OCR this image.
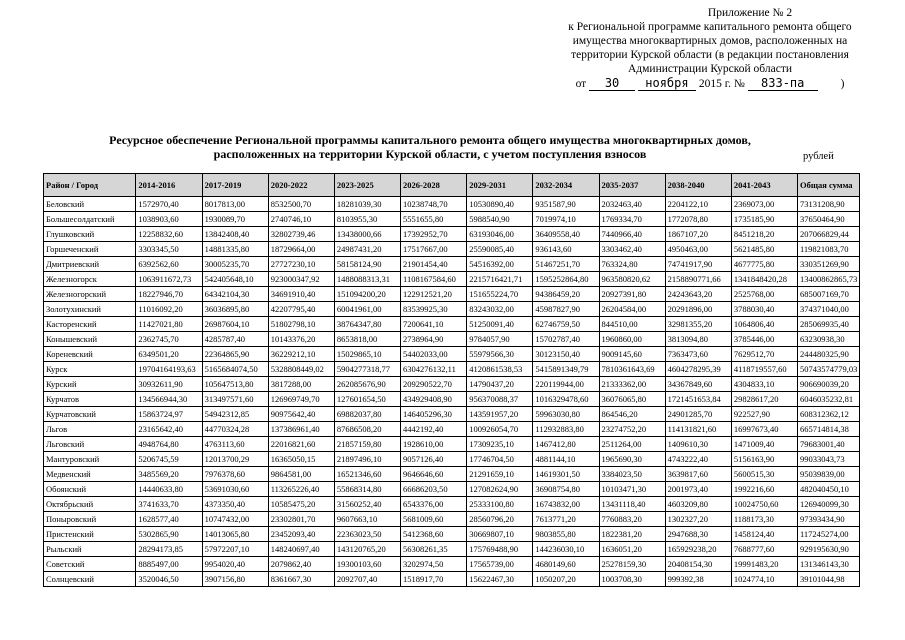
Приложение № 2
к Региональной программе капитального ремонта общего
имущества многоквартирных домов, расположенных на
территории Курской области (в редакции постановления
Администрации Курской области
от 30 ноября 2015 г. № 833-па	)
Ресурсное обеспечение Региональной программы капитального ремонта общего имущества многоквартирных домов,
расположенных на территории Курской области, с учетом поступления взносов	рублей
Район / Город	2014-2016	2017-2019	2020-2022	2023-2025	2026-2028	2029-2031	2032-2034	2035-2037	2038-2040	2041-2043	Общая сумма
Беловский	1572970,40	8017813,00	8532500,70	18281039,30	10238748,70	10530890,40	9351587,90	2032463,40	2204122,10	2369073,00	73131208,90
Большесолдатский	1038903,60	1930089,70	2740746,10	8103955,30	5551655,80	5988540,90	7019974,10	1769334,70	1772078,80	1735185,90	37650464,90
Глушковский	12258832,60	13842408,40	32802739,46	13438000,66	17392952,70	63193046,00	36409558,40	7440966,40	1867107,20	8451218,20	207066829,44
Горшеченский	3303345,50	14881335,80	18729664,00	24987431,20	17517667,00	25590085,40	936143,60	3303462,40	4950463,00	5621485,80	119821083,70
Дмитриевский	6392562,60	30005235,70	27727230,10	58158124,90	21901454,40	54516392,00	51467251,70	763324,80	74741917,90	4677775,80	330351269,90
Железногорск	1063911672,73	542405648,10	923000347,92	1488088313,31	1108167584,60	2215716421,71	1595252864,80	963580820,62	2158890771,66	1341848420,28	13400862865,73
Железногорский	18227946,70	64342104,30	34691910,40	151094200,20	122912521,20	151655224,70	94386459,20	20927391,80	24243643,20	2525768,00	685007169,70
Золотухинский	11016092,20	36036895,80	42207795,40	60041961,00	83539925,30	83243032,00	45987827,90	26204584,00	20291896,00	3788030,40	374371040,00
Касторенский	11427021,80	26987604,10	51802798,10	38764347,80	7200641,10	51250091,40	62746759,50	844510,00	32981355,20	1064806,40	285069935,40
Конышевский	2362745,70	4285787,40	10143376,20	8653818,00	2738964,90	9784057,90	15702787,40	1960860,00	3813094,80	3785446,00	63230938,30
Кореневский	6349501,20	22364865,90	36229212,10	15029865,10	54402033,00	55979566,30	30123150,40	9009145,60	7363473,60	7629512,70	244480325,90
Курск	19704164193,63	5165684074,50	5328808449,02	5904277318,77	6304276132,11	4120861538,53	5415891349,79	7810361643,69	4604278295,39	4118719557,60	50743574779,03
Курский	30932611,90	105647513,80	3817288,00	262085676,90	209290522,70	14790437,20	220119944,00	21333362,00	34367849,60	4304833,10	906690039,20
Курчатов	134566944,30	313497571,60	126969749,70	127601654,50	434929408,90	956370088,37	1016329478,60	36076065,80	1721451653,84	29828617,20	6046035232,81
Курчатовский	15863724,97	54942312,85	90975642,40	69882037,80	146405296,30	143591957,20	59963030,80	864546,20	24901285,70	922527,90	608312362,12
Льгов	23165642,40	44770324,28	137386961,40	87686508,20	4442192,40	100926054,70	112932883,80	23274752,20	114131821,60	16997673,40	665714814,38
Льговский	4948764,80	4763113,60	22016821,60	21857159,80	1928610,00	17309235,10	1467412,80	2511264,00	1409610,30	1471009,40	79683001,40
Мантуровский	5206745,59	12013700,29	16365050,15	21897496,10	9057126,40	17746704,50	4881144,10	1965690,30	4743222,40	5156163,90	99033043,73
Медвенский	3485569,20	7976378,60	9864581,00	16521346,60	9646646,60	21291659,10	14619301,50	3384023,50	3639817,60	5600515,30	95039839,00
Обоянский	14440633,80	53691030,60	113265226,40	55868314,80	66686203,50	127082624,90	36908754,80	10103471,30	2001973,40	1992216,60	482040450,10
Октябрьский	3741633,70	4373350,40	10585475,20	31560252,40	6543376,00	25333100,80	16743832,00	13431118,40	4603209,80	10024750,60	126940099,30
Поныровский	1628577,40	10747432,00	23302801,70	9607663,10	5681009,60	28560796,20	7613771,20	7760883,20	1302327,20	1188173,30	97393434,90
Пристенский	5302865,90	14013065,80	23452093,40	22363023,50	5412368,60	30669807,10	9803855,80	1822381,20	2947688,30	1458124,40	117245274,00
Рыльский	28294173,85	57972207,10	148240697,40	143120765,20	56308261,35	175769488,90	144236030,10	1636051,20	165929238,20	7688777,60	929195630,90
Советский	8885497,00	9954020,40	2079862,40	19300103,60	3202974,50	17565739,00	4680149,60	25278159,30	20408154,30	19991483,20	131346143,30
Солнцевский	3520046,50	3907156,80	8361667,30	2092707,40	1518917,70	15622467,30	1050207,20	1003708,30	999392,38	1024774,10	39101044,98
